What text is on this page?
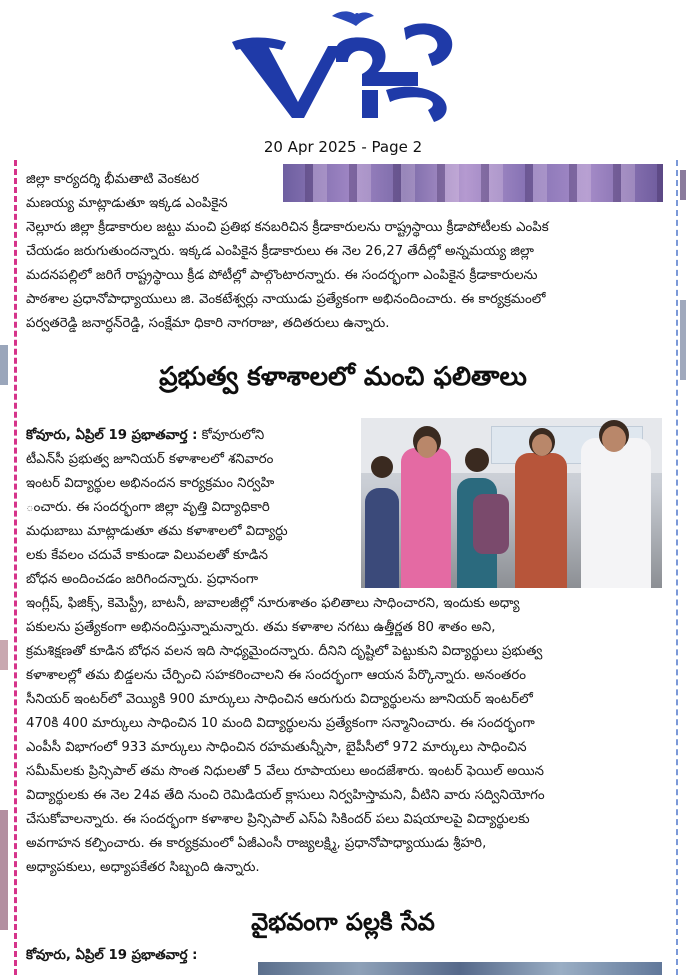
వార్త
20 Apr 2025 - Page 2
జిల్లా కార్యదర్శి భీమతాటి వెంకటర
మణయ్య మాట్లాడుతూ ఇక్కడ ఎంపికైన
నెల్లూరు జిల్లా క్రీడాకారుల జట్టు మంచి ప్రతిభ కనబరిచిన క్రీడాకారులను రాష్ట్రస్థాయి క్రీడాపోటీలకు ఎంపిక
చేయడం జరుగుతుందన్నారు. ఇక్కడ ఎంపికైన క్రీడాకారులు ఈ నెల 26,27 తేదీల్లో అన్నమయ్య జిల్లా
మదనపల్లిలో జరిగే రాష్ట్రస్థాయి క్రీడ పోటీల్లో పాల్గొంటారన్నారు. ఈ సందర్భంగా ఎంపికైన క్రీడాకారులను
పాఠశాల ప్రధానోపాధ్యాయులు జి. వెంకటేశ్వర్లు నాయుడు ప్రత్యేకంగా అభినందించారు. ఈ కార్యక్రమంలో
పర్వతరెడ్డి జనార్ధన్‌రెడ్డి, సంక్షేమా ధికారి నాగరాజు, తదితరులు ఉన్నారు.
ప్రభుత్వ కళాశాలలో మంచి ఫలితాలు
కోవూరు, ఏప్రిల్ 19 ప్రభాతవార్త : కోవూరులోని
టీఎన్‌సీ ప్రభుత్వ జూనియర్ కళాశాలలో శనివారం
ఇంటర్ విద్యార్థుల అభినందన కార్యక్రమం నిర్వహి
ంచారు. ఈ సందర్భంగా జిల్లా వృత్తి విద్యాధికారి
మధుబాబు మాట్లాడుతూ తమ కళాశాలలో విద్యార్థు
లకు కేవలం చదువే కాకుండా విలువలతో కూడిన
బోధన అందించడం జరిగిందన్నారు. ప్రధానంగా
ఇంగ్లీష్, ఫిజిక్స్, కెమెస్ట్రీ, బాటనీ, జువాలజీల్లో నూరుశాతం ఫలితాలు సాధించారని, ఇందుకు అధ్యా
పకులను ప్రత్యేకంగా అభినందిస్తున్నామన్నారు. తమ కళాశాల నగటు ఉత్తీర్ణత 80 శాతం అని,
క్రమశిక్షణతో కూడిన బోధన వలన ఇది సాధ్యమైందన్నారు. దీనిని దృష్టిలో పెట్టుకుని విద్యార్థులు ప్రభుత్వ
కళాశాలల్లో తమ బిడ్డలను చేర్పించి సహకరించాలని ఈ సందర్భంగా ఆయన పేర్కొన్నారు. అనంతరం
సీనియర్ ఇంటర్‌లో వెయ్యికి 900 మార్కులు సాధించిన ఆరుగురు విద్యార్థులను జూనియర్ ఇంటర్‌లో
470కి 400 మార్కులు సాధించిన 10 మంది విద్యార్థులను ప్రత్యేకంగా సన్మానించారు. ఈ సందర్భంగా
ఎంపీసీ విభాగంలో 933 మార్కులు సాధించిన రహమతున్నీసా, బైపీసీలో 972 మార్కులు సాధించిన
సమీమ్‌లకు ప్రిన్సిపాల్ తమ సొంత నిధులతో 5 వేలు రూపాయలు అందజేశారు. ఇంటర్ ఫెయిల్ అయిన
విద్యార్థులకు ఈ నెల 24వ తేది నుంచి రెమిడియల్ క్లాసులు నిర్వహిస్తామని, వీటిని వారు సద్వినియోగం
చేసుకోవాలన్నారు. ఈ సందర్భంగా కళాశాల ప్రిన్సిపాల్ ఎస్ఏ సికిందర్ పలు విషయాలపై విద్యార్థులకు
అవగాహన కల్పించారు. ఈ కార్యక్రమంలో ఏజీఎంసీ రాజ్యలక్ష్మి, ప్రధానోపాధ్యాయుడు శ్రీహరి,
అధ్యాపకులు, అధ్యాపకేతర సిబ్బంది ఉన్నారు.
వైభవంగా పల్లకి సేవ
కోవూరు, ఏప్రిల్ 19 ప్రభాతవార్త :
